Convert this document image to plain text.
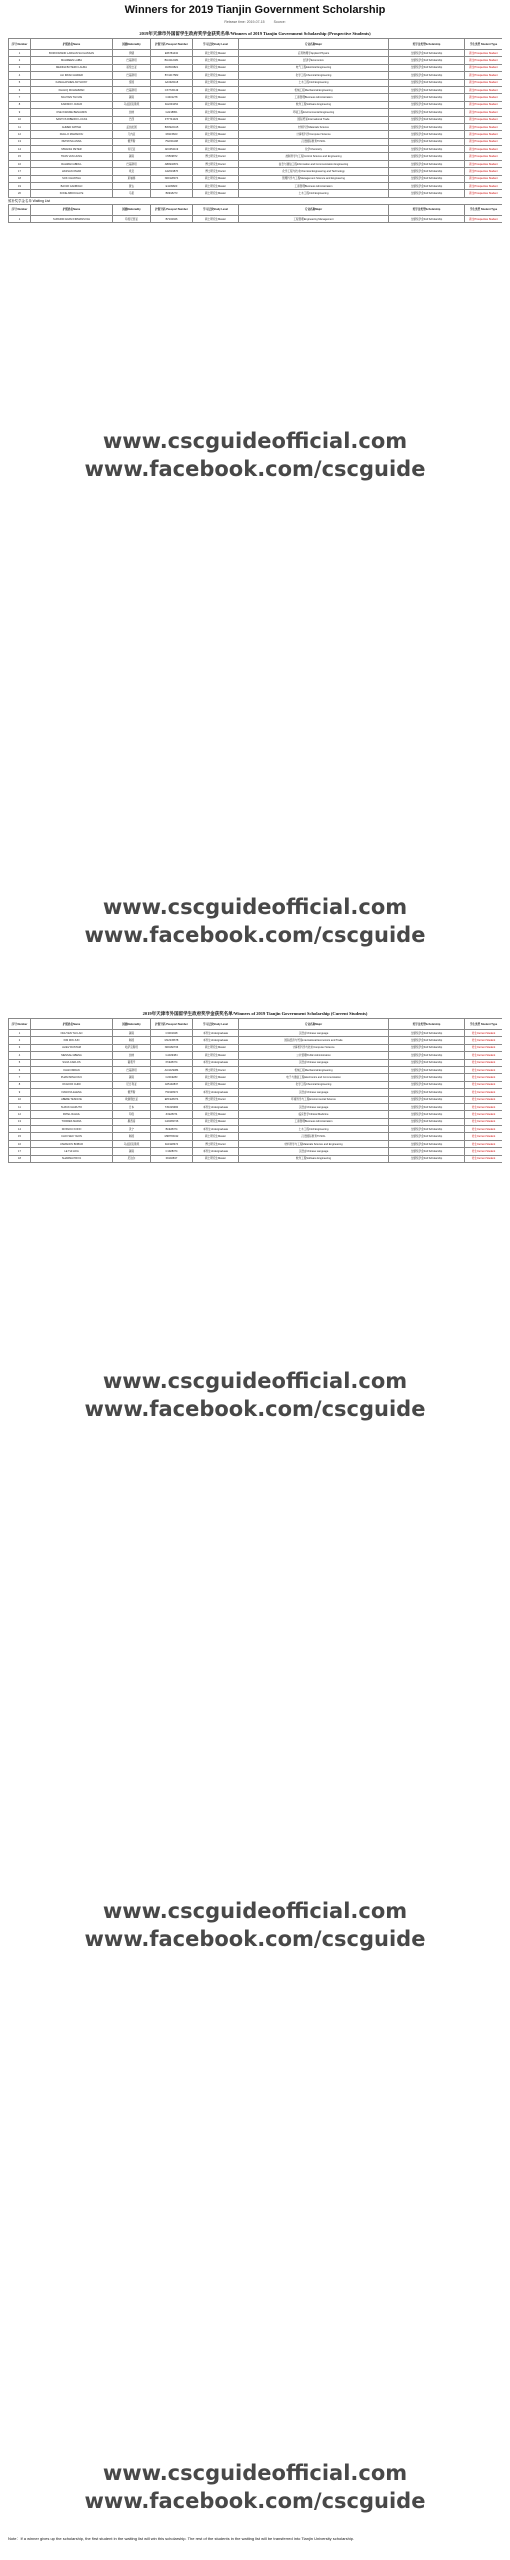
Winners for 2019 Tianjin Government Scholarship
Release time: 2019-07-15	Source:
2019年天津市外国留学生政府奖学金获奖名单/Winners of 2019 Tianjin Government Scholarship (Prospective Students)
序号 Number	护照姓名Name	国籍Nationality	护照号码 Passport Number	学习层次Study Level	专业名称Major	奖学金类型Scholarship	学生类型 Student Type
1	BOROOMAND LARGAN SAI HASSAN	伊朗	E66781432	硕士研究生Master	应用物理学Applied Physics	全额奖学金Full Scholarship	新生Prospective Student
2	MAHREEN LAIBA	巴基斯坦	BG3112481	硕士研究生Master	经济学Economics	全额奖学金Full Scholarship	新生Prospective Student
3	MEDINA BOTERO LAURA	哥伦比亚	AV0534821	硕士研究生Master	电气工程Electrical Engineering	全额奖学金Full Scholarship	新生Prospective Student
4	ALI IRFAN HAIDER	巴基斯坦	BY4417582	硕士研究生Master	化学工程Chemical Engineering	全额奖学金Full Scholarship	新生Prospective Student
5	KAMALAPHIEN ANTHONY	泰国	AA3320118	硕士研究生Master	土木工程Civil Engineering	全额奖学金Full Scholarship	新生Prospective Student
6	KHALIQ MUHAMMAD	巴基斯坦	CX7720119	硕士研究生Master	机械工程Mechanical Engineering	全额奖学金Full Scholarship	新生Prospective Student
7	NGUYEN THI MAI	越南	C4401278	硕士研究生Master	工商管理Business Administration	全额奖学金Full Scholarship	新生Prospective Student
8	KARIMOV JASUR	乌兹别克斯坦	FA2291054	硕士研究生Master	软件工程Software Engineering	全额奖学金Full Scholarship	新生Prospective Student
9	OSEI KWAME BENJAMIN	加纳	G2218801	硕士研究生Master	环境工程Environmental Engineering	全额奖学金Full Scholarship	新生Prospective Student
10	SANTOS RIBEIRO LUCAS	巴西	FT7741023	硕士研究生Master	国际贸易International Trade	全额奖学金Full Scholarship	新生Prospective Student
11	AHMED FATIMA	孟加拉国	BX0922415	硕士研究生Master	材料科学Materials Science	全额奖学金Full Scholarship	新生Prospective Student
12	DIALLO MAMADOU	几内亚	R0115823	硕士研究生Master	计算机科学Computer Science	全额奖学金Full Scholarship	新生Prospective Student
13	PETROVA ANNA	俄罗斯	752201198	硕士研究生Master	汉语国际教育TCSOL	全额奖学金Full Scholarship	新生Prospective Student
14	MWANGI PETER	肯尼亚	AK0452119	硕士研究生Master	化学Chemistry	全额奖学金Full Scholarship	新生Prospective Student
15	TRAN VAN HUNG	越南	C5509872	博士研究生Doctor	控制科学与工程Control Science and Engineering	全额奖学金Full Scholarship	新生Prospective Student
16	RAHMAN ABDUL	巴基斯坦	AB9932871	博士研究生Doctor	信息与通信工程Information and Communication Engineering	全额奖学金Full Scholarship	新生Prospective Student
17	HASSAN OMAR	埃及	A22019876	博士研究生Doctor	化学工程与技术Chemical Engineering and Technology	全额奖学金Full Scholarship	新生Prospective Student
18	SOK CHANTHA	柬埔寨	N01928374	硕士研究生Master	管理科学与工程Management Science and Engineering	全额奖学金Full Scholarship	新生Prospective Student
19	BAYAR GANBOLD	蒙古	E1109823	硕士研究生Master	工商管理Business Administration	全额奖学金Full Scholarship	新生Prospective Student
20	KONE ABDOULAYE	马里	B0918273	硕士研究生Master	土木工程Civil Engineering	全额奖学金Full Scholarship	新生Prospective Student
候补奖学金名单 Waiting List
序号 Number	护照姓名Name	国籍Nationality	护照号码 Passport Number	学习层次Study Level	专业名称Major	奖学金类型Scholarship	学生类型 Student Type
1	SUPARDI ADAM FIRMANSYAH	印度尼西亚	B7102946	硕士研究生Master	工程管理Engineering Management	全额奖学金Full Scholarship	新生Prospective Student
2019年天津市外国留学生政府奖学金获奖名单/Winners of 2019 Tianjin Government Scholarship (Current Students)
序号 Number	护照姓名Name	国籍Nationality	护照号码 Passport Number	学习层次Study Level	专业名称Major	奖学金类型Scholarship	学生类型 Student Type
1	NGUYEN THI LAN	越南	C3301928	本科生Undergraduate	汉语言Chinese Language	全额奖学金Full Scholarship	老生Current Student
2	KIM MIN JUN	韩国	M12345678	本科生Undergraduate	国际经济与贸易International Economics and Trade	全额奖学金Full Scholarship	老生Current Student
3	ALIEV RUSTAM	哈萨克斯坦	N09182736	硕士研究生Master	计算机科学与技术Computer Science	全额奖学金Full Scholarship	老生Current Student
4	MENSAH ABENA	加纳	G1029384	硕士研究生Master	公共管理Public Administration	全额奖学金Full Scholarship	老生Current Student
5	SILVA CARLOS	葡萄牙	P1928374	本科生Undergraduate	汉语言Chinese Language	全额奖学金Full Scholarship	老生Current Student
6	KHAN IMRAN	巴基斯坦	AC1029384	博士研究生Doctor	机械工程Mechanical Engineering	全额奖学金Full Scholarship	老生Current Student
7	PHAM MINH DUC	越南	C2019283	硕士研究生Master	电子与通信工程Electronics and Communication	全额奖学金Full Scholarship	老生Current Student
8	OKAFOR CHIDI	尼日利亚	A05192837	硕士研究生Master	化学工程Chemical Engineering	全额奖学金Full Scholarship	老生Current Student
9	IVANOVA ELENA	俄罗斯	751928374	本科生Undergraduate	汉语言Chinese Language	全额奖学金Full Scholarship	老生Current Student
10	ABEBE TESFAYE	埃塞俄比亚	EP1928374	博士研究生Doctor	环境科学与工程Environmental Science	全额奖学金Full Scholarship	老生Current Student
11	SUZUKI HARUTO	日本	TZ1029384	本科生Undergraduate	汉语言Chinese Language	全额奖学金Full Scholarship	老生Current Student
12	PATEL RAHUL	印度	Z1928374	硕士研究生Master	临床医学Clinical Medicine	全额奖学金Full Scholarship	老生Current Student
13	TORRES MARIA	墨西哥	G19283746	硕士研究生Master	工商管理Business Administration	全额奖学金Full Scholarship	老生Current Student
14	DOSSOU KOFFI	贝宁	B1928374	本科生Undergraduate	土木工程Civil Engineering	全额奖学金Full Scholarship	老生Current Student
15	CHOI SEO YEON	韩国	M98765432	硕士研究生Master	汉语国际教育TCSOL	全额奖学金Full Scholarship	老生Current Student
16	USMANOV BOBUR	乌兹别克斯坦	FA1928374	博士研究生Doctor	材料科学与工程Materials Science and Engineering	全额奖学金Full Scholarship	老生Current Student
17	LE THI HOA	越南	C1928374	本科生Undergraduate	汉语言Chinese Language	全额奖学金Full Scholarship	老生Current Student
18	SHARMA PRIYA	尼泊尔	09192837	硕士研究生Master	软件工程Software Engineering	全额奖学金Full Scholarship	老生Current Student
www.cscguideofficial.com
www.facebook.com/cscguide
www.cscguideofficial.com
www.facebook.com/cscguide
www.cscguideofficial.com
www.facebook.com/cscguide
www.cscguideofficial.com
www.facebook.com/cscguide
www.cscguideofficial.com
www.facebook.com/cscguide
Note：If a winner gives up the scholarship, the first student in the waiting list will win this scholarship. The rest of the students in the waiting list will be transferred into Tianjin University scholarship.
